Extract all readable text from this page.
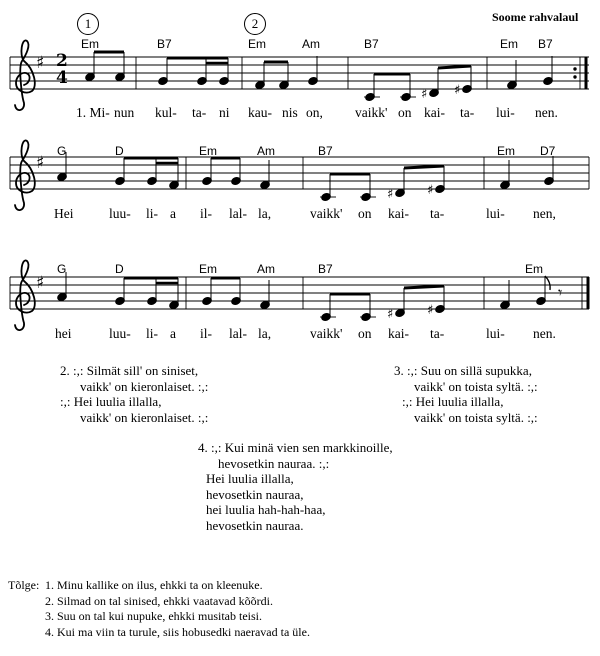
Soome rahvalaul
1	2
♯
♯ ♯
♯
♯	♯
♯
♯	♯
𝄾
2
4
Em	B7	Em	Am	B7	Em B7
1. Mi- nun kul- ta- ni kau- nis on, vaikk' on kai- ta- lui- nen.
G	D	Em	Am	B7	Em D7
Hei	luu- li- a il- lal- la,	vaikk' on kai- ta-	lui- nen,
G	D	Em	Am	B7	Em
hei	luu- li- a il- lal- la,	vaikk' on kai- ta-	lui- nen.
2. :,: Silmät sill' on siniset,
vaikk' on kieronlaiset. :,:
:,: Hei luulia illalla,
vaikk' on kieronlaiset. :,:
3. :,: Suu on sillä supukka,
vaikk' on toista syltä. :,:
:,: Hei luulia illalla,
vaikk' on toista syltä. :,:
4. :,: Kui minä vien sen markkinoille,
hevosetkin nauraa. :,:
Hei luulia illalla,
hevosetkin nauraa,
hei luulia hah-hah-haa,
hevosetkin nauraa.
Tõlge: 1. Minu kallike on ilus, ehkki ta on kleenuke.
2. Silmad on tal sinised, ehkki vaatavad kõõrdi.
3. Suu on tal kui nupuke, ehkki musitab teisi.
4. Kui ma viin ta turule, siis hobusedki naeravad ta üle.
